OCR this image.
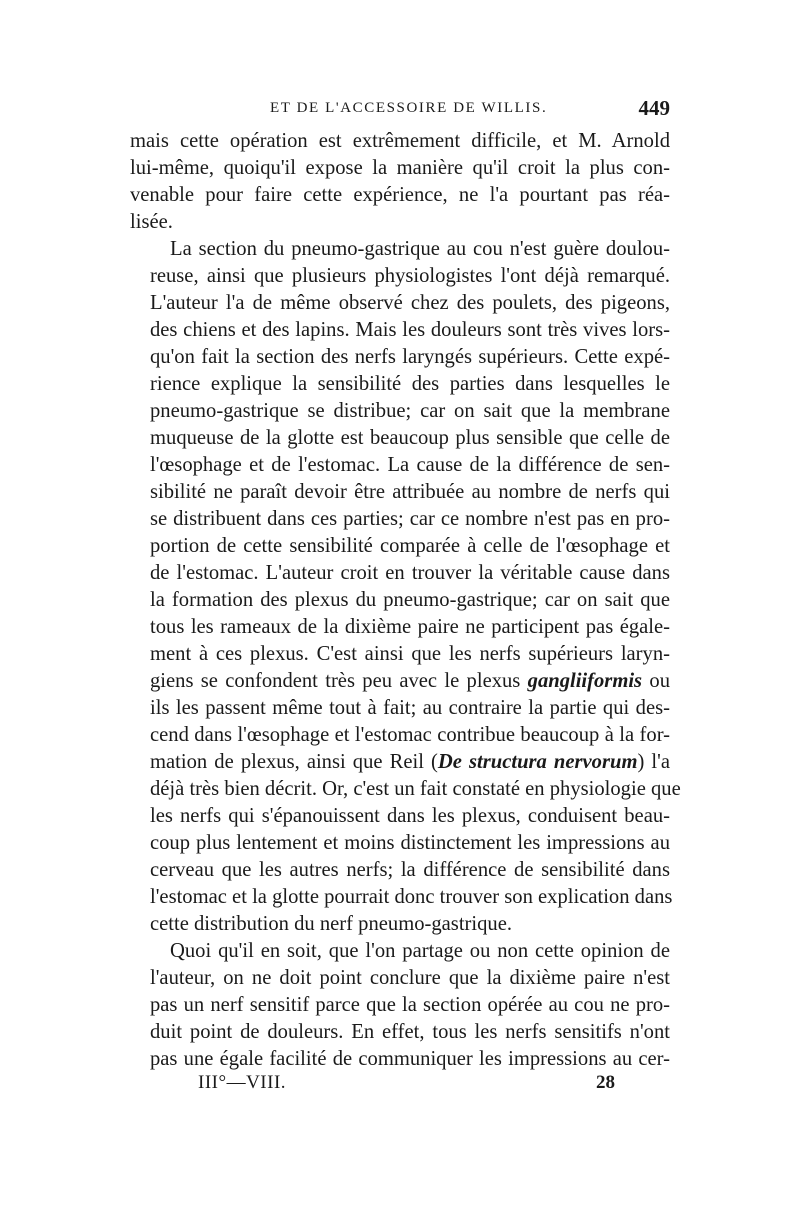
ET DE L'ACCESSOIRE DE WILLIS.	449
mais cette opération est extrêmement difficile, et M. Arnold
lui-même, quoiqu'il expose la manière qu'il croit la plus con-
venable pour faire cette expérience, ne l'a pourtant pas réa-
lisée.
La section du pneumo-gastrique au cou n'est guère doulou-
reuse, ainsi que plusieurs physiologistes l'ont déjà remarqué.
L'auteur l'a de même observé chez des poulets, des pigeons,
des chiens et des lapins. Mais les douleurs sont très vives lors-
qu'on fait la section des nerfs laryngés supérieurs. Cette expé-
rience explique la sensibilité des parties dans lesquelles le
pneumo-gastrique se distribue; car on sait que la membrane
muqueuse de la glotte est beaucoup plus sensible que celle de
l'œsophage et de l'estomac. La cause de la différence de sen-
sibilité ne paraît devoir être attribuée au nombre de nerfs qui
se distribuent dans ces parties; car ce nombre n'est pas en pro-
portion de cette sensibilité comparée à celle de l'œsophage et
de l'estomac. L'auteur croit en trouver la véritable cause dans
la formation des plexus du pneumo-gastrique; car on sait que
tous les rameaux de la dixième paire ne participent pas égale-
ment à ces plexus. C'est ainsi que les nerfs supérieurs laryn-
giens se confondent très peu avec le plexus gangliiformis ou
ils les passent même tout à fait; au contraire la partie qui des-
cend dans l'œsophage et l'estomac contribue beaucoup à la for-
mation de plexus, ainsi que Reil (De structura nervorum) l'a
déjà très bien décrit. Or, c'est un fait constaté en physiologie que
les nerfs qui s'épanouissent dans les plexus, conduisent beau-
coup plus lentement et moins distinctement les impressions au
cerveau que les autres nerfs; la différence de sensibilité dans
l'estomac et la glotte pourrait donc trouver son explication dans
cette distribution du nerf pneumo-gastrique.
Quoi qu'il en soit, que l'on partage ou non cette opinion de
l'auteur, on ne doit point conclure que la dixième paire n'est
pas un nerf sensitif parce que la section opérée au cou ne pro-
duit point de douleurs. En effet, tous les nerfs sensitifs n'ont
pas une égale facilité de communiquer les impressions au cer-
III°—VIII.	28
